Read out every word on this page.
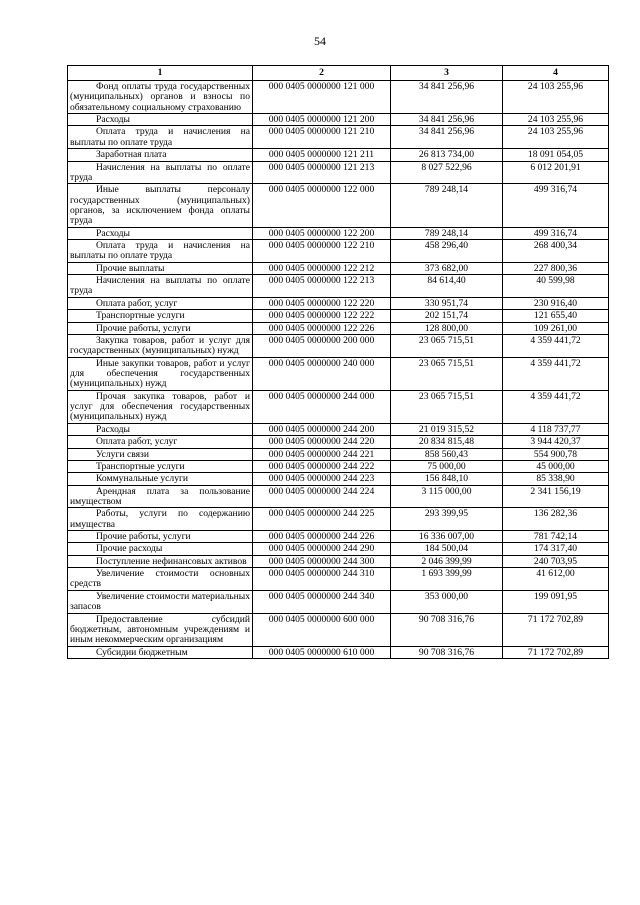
54
1	2	3	4

Фонд оплаты труда государственных (муниципальных) органов и взносы по обязательному социальному страхованию	000 0405 0000000 121 000	34 841 256,96	24 103 255,96

Расходы	000 0405 0000000 121 200	34 841 256,96	24 103 255,96

Оплата труда и начисления на выплаты по оплате труда	000 0405 0000000 121 210	34 841 256,96	24 103 255,96

Заработная плата	000 0405 0000000 121 211	26 813 734,00	18 091 054,05

Начисления на выплаты по оплате труда	000 0405 0000000 121 213	8 027 522,96	6 012 201,91

Иные выплаты персоналу государственных (муниципальных) органов, за исключением фонда оплаты труда	000 0405 0000000 122 000	789 248,14	499 316,74

Расходы	000 0405 0000000 122 200	789 248,14	499 316,74

Оплата труда и начисления на выплаты по оплате труда	000 0405 0000000 122 210	458 296,40	268 400,34

Прочие выплаты	000 0405 0000000 122 212	373 682,00	227 800,36

Начисления на выплаты по оплате труда	000 0405 0000000 122 213	84 614,40	40 599,98

Оплата работ, услуг	000 0405 0000000 122 220	330 951,74	230 916,40

Транспортные услуги	000 0405 0000000 122 222	202 151,74	121 655,40

Прочие работы, услуги	000 0405 0000000 122 226	128 800,00	109 261,00

Закупка товаров, работ и услуг для государственных (муниципальных) нужд	000 0405 0000000 200 000	23 065 715,51	4 359 441,72

Иные закупки товаров, работ и услуг для обеспечения государственных (муниципальных) нужд	000 0405 0000000 240 000	23 065 715,51	4 359 441,72

Прочая закупка товаров, работ и услуг для обеспечения государственных (муниципальных) нужд	000 0405 0000000 244 000	23 065 715,51	4 359 441,72

Расходы	000 0405 0000000 244 200	21 019 315,52	4 118 737,77

Оплата работ, услуг	000 0405 0000000 244 220	20 834 815,48	3 944 420,37

Услуги связи	000 0405 0000000 244 221	858 560,43	554 900,78

Транспортные услуги	000 0405 0000000 244 222	75 000,00	45 000,00

Коммунальные услуги	000 0405 0000000 244 223	156 848,10	85 338,90

Арендная плата за пользование имуществом	000 0405 0000000 244 224	3 115 000,00	2 341 156,19

Работы, услуги по содержанию имущества	000 0405 0000000 244 225	293 399,95	136 282,36

Прочие работы, услуги	000 0405 0000000 244 226	16 336 007,00	781 742,14

Прочие расходы	000 0405 0000000 244 290	184 500,04	174 317,40

Поступление нефинансовых активов	000 0405 0000000 244 300	2 046 399,99	240 703,95

Увеличение стоимости основных средств	000 0405 0000000 244 310	1 693 399,99	41 612,00

Увеличение стоимости материальных запасов	000 0405 0000000 244 340	353 000,00	199 091,95

Предоставление субсидий бюджетным, автономным учреждениям и иным некоммерческим организациям	000 0405 0000000 600 000	90 708 316,76	71 172 702,89

Субсидии бюджетным	000 0405 0000000 610 000	90 708 316,76	71 172 702,89
